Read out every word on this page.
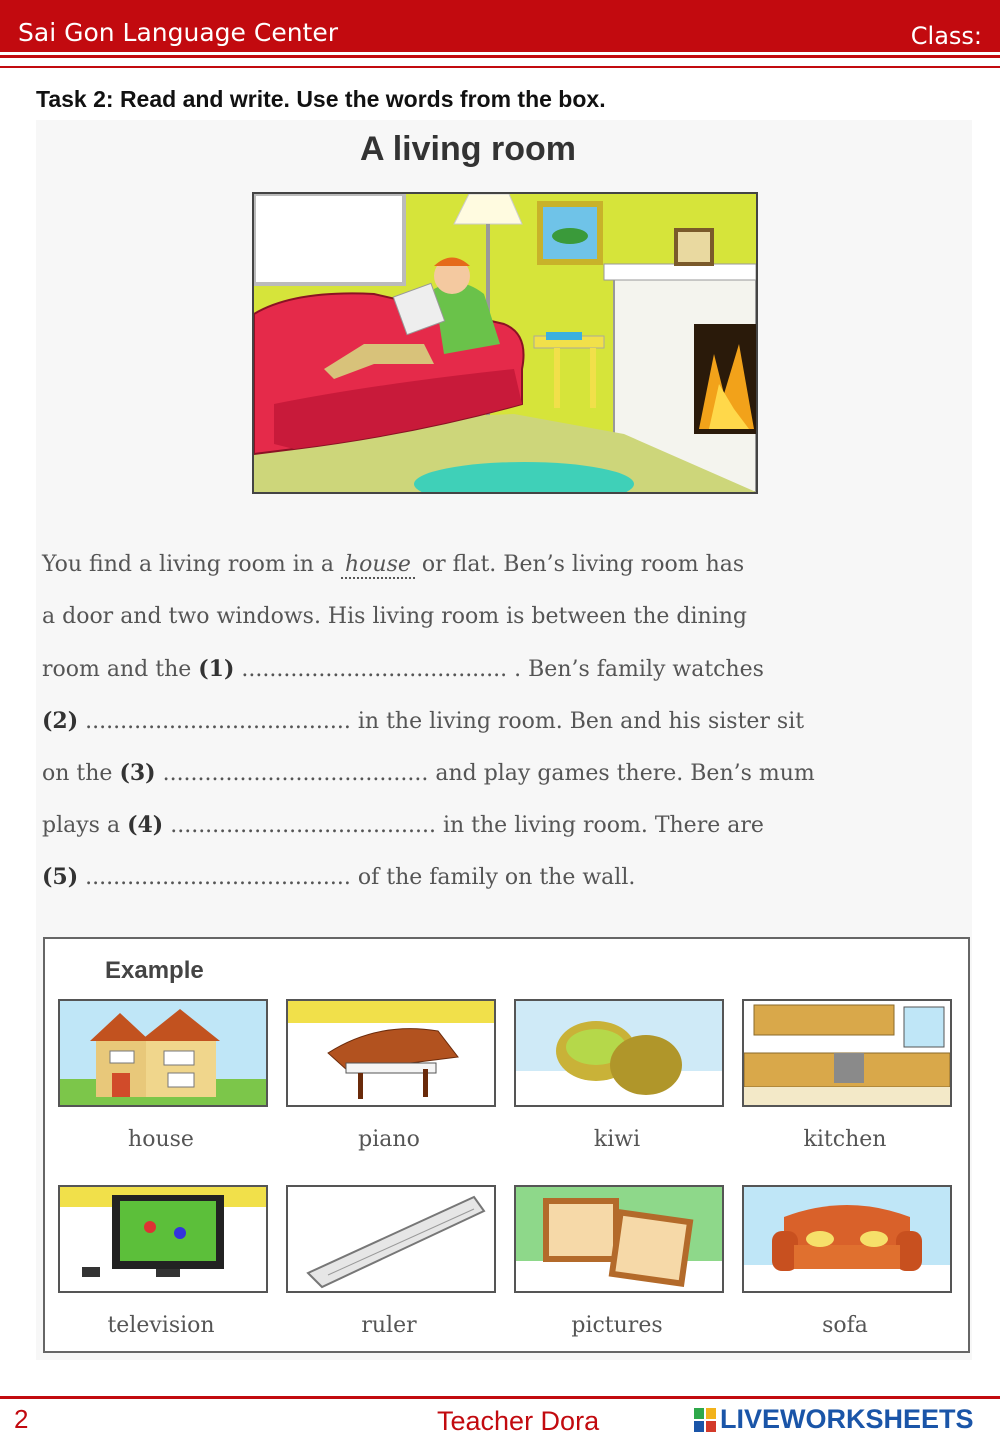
Sai Gon Language Center	Class:
Task 2: Read and write. Use the words from the box.
A living room
You find a living room in a house or flat. Ben’s living room has
a door and two windows. His living room is between the dining
room and the (1) ...................................... . Ben’s family watches
(2) ...................................... in the living room. Ben and his sister sit
on the (3) ...................................... and play games there. Ben’s mum
plays a (4) ...................................... in the living room. There are
(5) ...................................... of the family on the wall.
Example
house	piano	kiwi	kitchen
television	ruler	pictures	sofa
2	Teacher Dora	LIVEWORKSHEETS
